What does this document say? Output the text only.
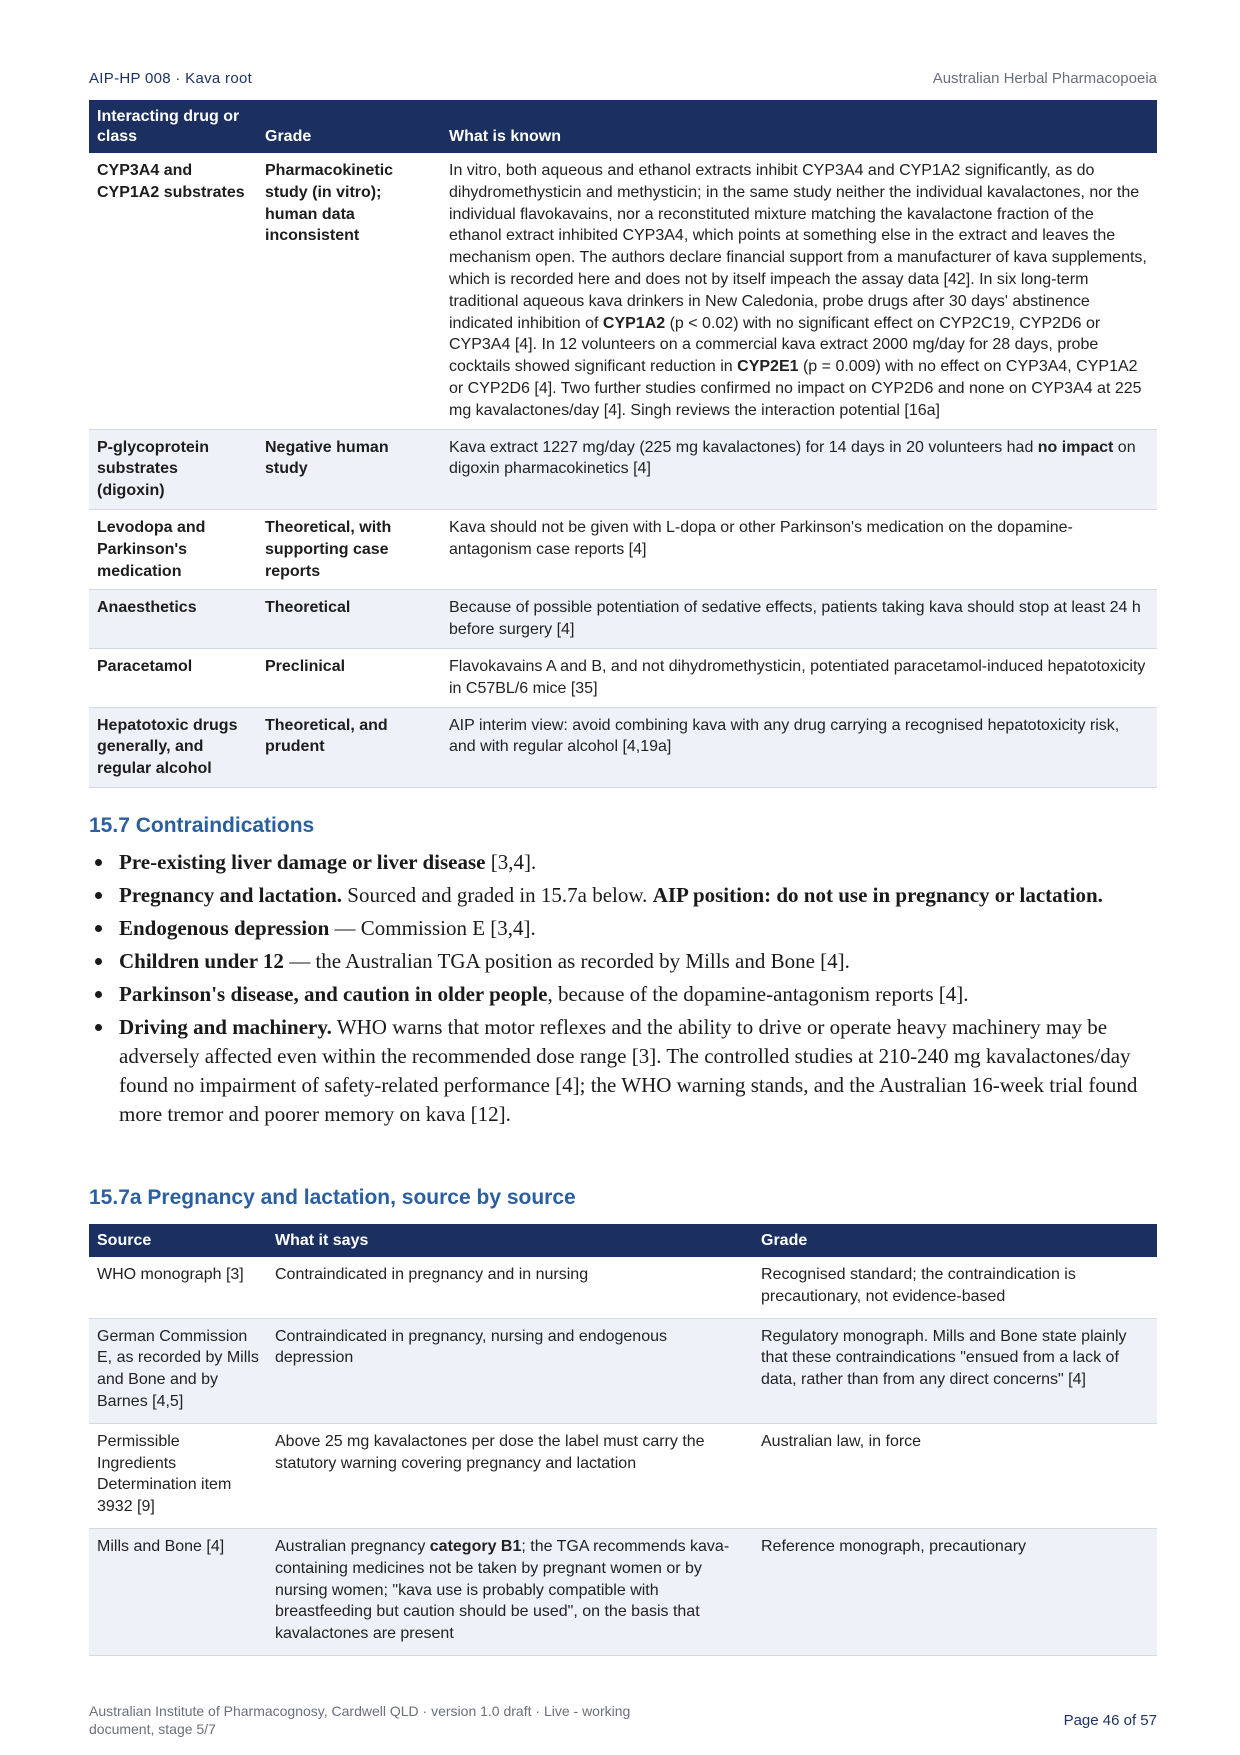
AIP-HP 008 · Kava root	Australian Herbal Pharmacopoeia
Interacting drug or class	Grade	What is known
CYP3A4 and CYP1A2 substrates	Pharmacokinetic study (in vitro); human data inconsistent	In vitro, both aqueous and ethanol extracts inhibit CYP3A4 and CYP1A2 significantly, as do dihydromethysticin and methysticin; in the same study neither the individual kavalactones, nor the individual flavokavains, nor a reconstituted mixture matching the kavalactone fraction of the ethanol extract inhibited CYP3A4, which points at something else in the extract and leaves the mechanism open. The authors declare financial support from a manufacturer of kava supplements, which is recorded here and does not by itself impeach the assay data [42]. In six long-term traditional aqueous kava drinkers in New Caledonia, probe drugs after 30 days' abstinence indicated inhibition of CYP1A2 (p < 0.02) with no significant effect on CYP2C19, CYP2D6 or CYP3A4 [4]. In 12 volunteers on a commercial kava extract 2000 mg/day for 28 days, probe cocktails showed significant reduction in CYP2E1 (p = 0.009) with no effect on CYP3A4, CYP1A2 or CYP2D6 [4]. Two further studies confirmed no impact on CYP2D6 and none on CYP3A4 at 225 mg kavalactones/day [4]. Singh reviews the interaction potential [16a]
P-glycoprotein substrates (digoxin)	Negative human study	Kava extract 1227 mg/day (225 mg kavalactones) for 14 days in 20 volunteers had no impact on digoxin pharmacokinetics [4]
Levodopa and Parkinson's medication	Theoretical, with supporting case reports	Kava should not be given with L-dopa or other Parkinson's medication on the dopamine-antagonism case reports [4]
Anaesthetics	Theoretical	Because of possible potentiation of sedative effects, patients taking kava should stop at least 24 h before surgery [4]
Paracetamol	Preclinical	Flavokavains A and B, and not dihydromethysticin, potentiated paracetamol-induced hepatotoxicity in C57BL/6 mice [35]
Hepatotoxic drugs generally, and regular alcohol	Theoretical, and prudent	AIP interim view: avoid combining kava with any drug carrying a recognised hepatotoxicity risk, and with regular alcohol [4,19a]
15.7 Contraindications
Pre-existing liver damage or liver disease [3,4].
Pregnancy and lactation. Sourced and graded in 15.7a below. AIP position: do not use in pregnancy or lactation.
Endogenous depression — Commission E [3,4].
Children under 12 — the Australian TGA position as recorded by Mills and Bone [4].
Parkinson's disease, and caution in older people, because of the dopamine-antagonism reports [4].
Driving and machinery. WHO warns that motor reflexes and the ability to drive or operate heavy machinery may be adversely affected even within the recommended dose range [3]. The controlled studies at 210-240 mg kavalactones/day found no impairment of safety-related performance [4]; the WHO warning stands, and the Australian 16-week trial found more tremor and poorer memory on kava [12].
15.7a Pregnancy and lactation, source by source
Source	What it says	Grade
WHO monograph [3]	Contraindicated in pregnancy and in nursing	Recognised standard; the contraindication is precautionary, not evidence-based
German Commission E, as recorded by Mills and Bone and by Barnes [4,5]	Contraindicated in pregnancy, nursing and endogenous depression	Regulatory monograph. Mills and Bone state plainly that these contraindications "ensued from a lack of data, rather than from any direct concerns" [4]
Permissible Ingredients Determination item 3932 [9]	Above 25 mg kavalactones per dose the label must carry the statutory warning covering pregnancy and lactation	Australian law, in force
Mills and Bone [4]	Australian pregnancy category B1; the TGA recommends kava-containing medicines not be taken by pregnant women or by nursing women; "kava use is probably compatible with breastfeeding but caution should be used", on the basis that kavalactones are present	Reference monograph, precautionary
Australian Institute of Pharmacognosy, Cardwell QLD · version 1.0 draft · Live - working document, stage 5/7	Page 46 of 57
